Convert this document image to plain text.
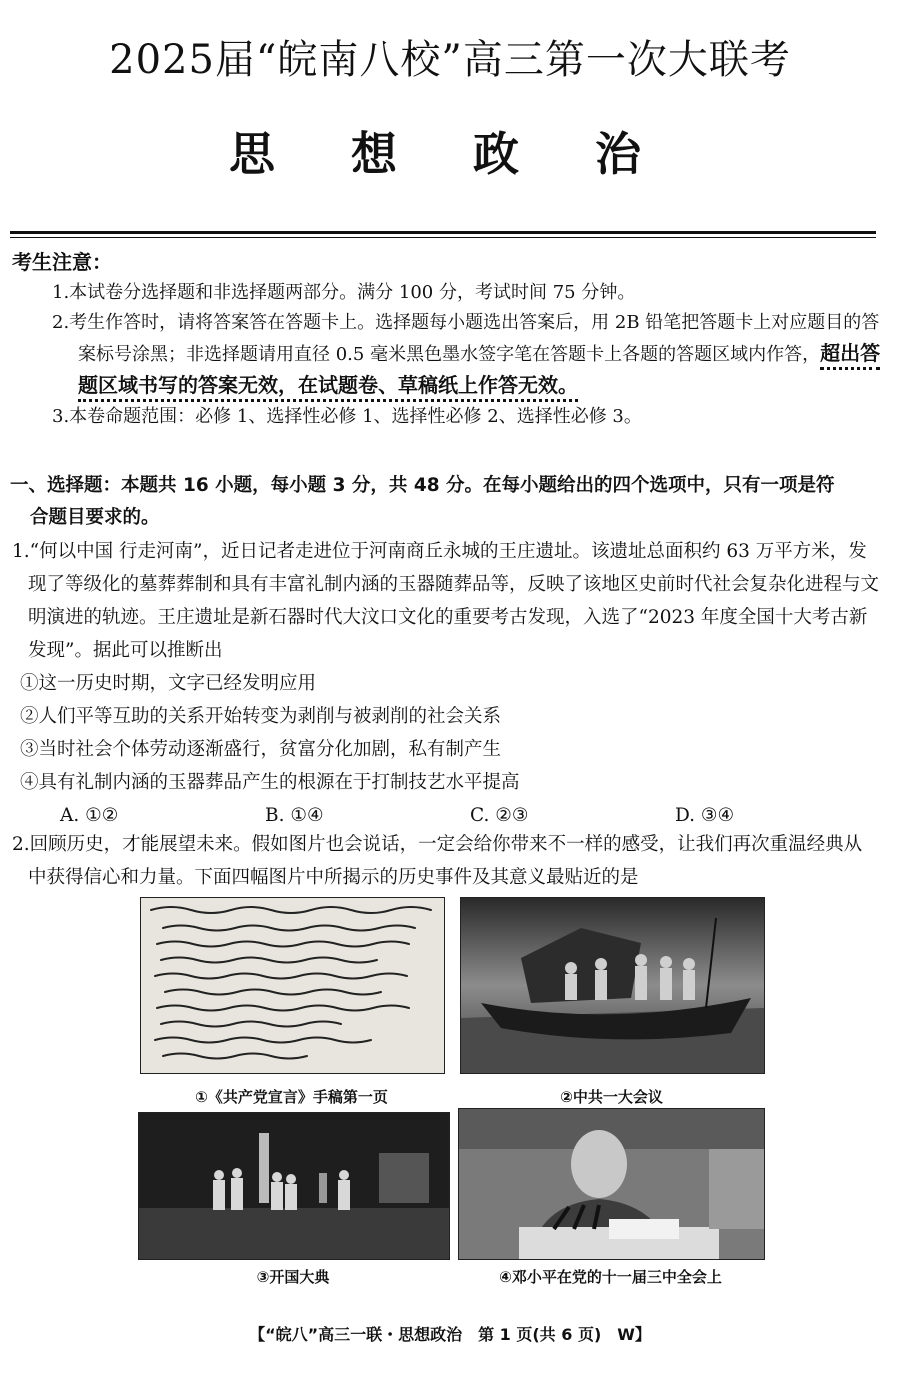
2025届“皖南八校”高三第一次大联考
思 想 政 治
考生注意：

1.本试卷分选择题和非选择题两部分。满分 100 分，考试时间 75 分钟。

2.考生作答时，请将答案答在答题卡上。选择题每小题选出答案后，用 2B 铅笔把答题卡上对应题目的答案标号涂黑；非选择题请用直径 0.5 毫米黑色墨水签字笔在答题卡上各题的答题区域内作答，超出答题区域书写的答案无效，在试题卷、草稿纸上作答无效。

3.本卷命题范围：必修 1、选择性必修 1、选择性必修 2、选择性必修 3。

一、选择题：本题共 16 小题，每小题 3 分，共 48 分。在每小题给出的四个选项中，只有一项是符
合题目要求的。

1.“何以中国 行走河南”，近日记者走进位于河南商丘永城的王庄遗址。该遗址总面积约 63 万平方米，发现了等级化的墓葬葬制和具有丰富礼制内涵的玉器随葬品等，反映了该地区史前时代社会复杂化进程与文明演进的轨迹。王庄遗址是新石器时代大汶口文化的重要考古发现，入选了“2023 年度全国十大考古新发现”。据此可以推断出

①这一历史时期，文字已经发明应用

②人们平等互助的关系开始转变为剥削与被剥削的社会关系

③当时社会个体劳动逐渐盛行，贫富分化加剧，私有制产生

④具有礼制内涵的玉器葬品产生的根源在于打制技艺水平提高

A. ①②	B. ①④	C. ②③	D. ③④

2.回顾历史，才能展望未来。假如图片也会说话，一定会给你带来不一样的感受，让我们再次重温经典从中获得信心和力量。下面四幅图片中所揭示的历史事件及其意义最贴近的是

①《共产党宣言》手稿第一页	②中共一大会议
③开国大典	④邓小平在党的十一届三中全会上
【“皖八”高三一联・思想政治　第 1 页(共 6 页)　W】
